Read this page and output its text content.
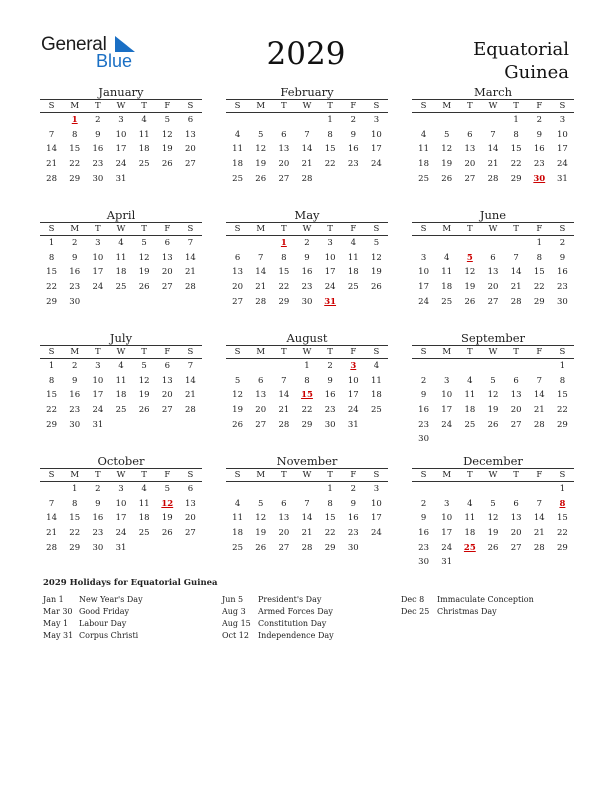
General
Blue	2029	Equatorial
Guinea
January
S	M	T	W	T	F	S
	1	2	3	4	5	6
7	8	9	10	11	12	13
14	15	16	17	18	19	20
21	22	23	24	25	26	27
28	29	30	31			
February
S	M	T	W	T	F	S
				1	2	3
4	5	6	7	8	9	10
11	12	13	14	15	16	17
18	19	20	21	22	23	24
25	26	27	28			
March
S	M	T	W	T	F	S
				1	2	3
4	5	6	7	8	9	10
11	12	13	14	15	16	17
18	19	20	21	22	23	24
25	26	27	28	29	30	31
April
S	M	T	W	T	F	S
1	2	3	4	5	6	7
8	9	10	11	12	13	14
15	16	17	18	19	20	21
22	23	24	25	26	27	28
29	30					
May
S	M	T	W	T	F	S
		1	2	3	4	5
6	7	8	9	10	11	12
13	14	15	16	17	18	19
20	21	22	23	24	25	26
27	28	29	30	31		
June
S	M	T	W	T	F	S
					1	2
3	4	5	6	7	8	9
10	11	12	13	14	15	16
17	18	19	20	21	22	23
24	25	26	27	28	29	30
July
S	M	T	W	T	F	S
1	2	3	4	5	6	7
8	9	10	11	12	13	14
15	16	17	18	19	20	21
22	23	24	25	26	27	28
29	30	31				
August
S	M	T	W	T	F	S
			1	2	3	4
5	6	7	8	9	10	11
12	13	14	15	16	17	18
19	20	21	22	23	24	25
26	27	28	29	30	31	
September
S	M	T	W	T	F	S
						1
2	3	4	5	6	7	8
9	10	11	12	13	14	15
16	17	18	19	20	21	22
23	24	25	26	27	28	29
30						
October
S	M	T	W	T	F	S
	1	2	3	4	5	6
7	8	9	10	11	12	13
14	15	16	17	18	19	20
21	22	23	24	25	26	27
28	29	30	31			
November
S	M	T	W	T	F	S
				1	2	3
4	5	6	7	8	9	10
11	12	13	14	15	16	17
18	19	20	21	22	23	24
25	26	27	28	29	30	
December
S	M	T	W	T	F	S
						1
2	3	4	5	6	7	8
9	10	11	12	13	14	15
16	17	18	19	20	21	22
23	24	25	26	27	28	29
30	31					
2029 Holidays for Equatorial Guinea
Jan 1 New Year's Day
Mar 30 Good Friday
May 1 Labour Day
May 31 Corpus Christi
Jun 5 President's Day
Aug 3 Armed Forces Day
Aug 15 Constitution Day
Oct 12 Independence Day
Dec 8 Immaculate Conception
Dec 25 Christmas Day
